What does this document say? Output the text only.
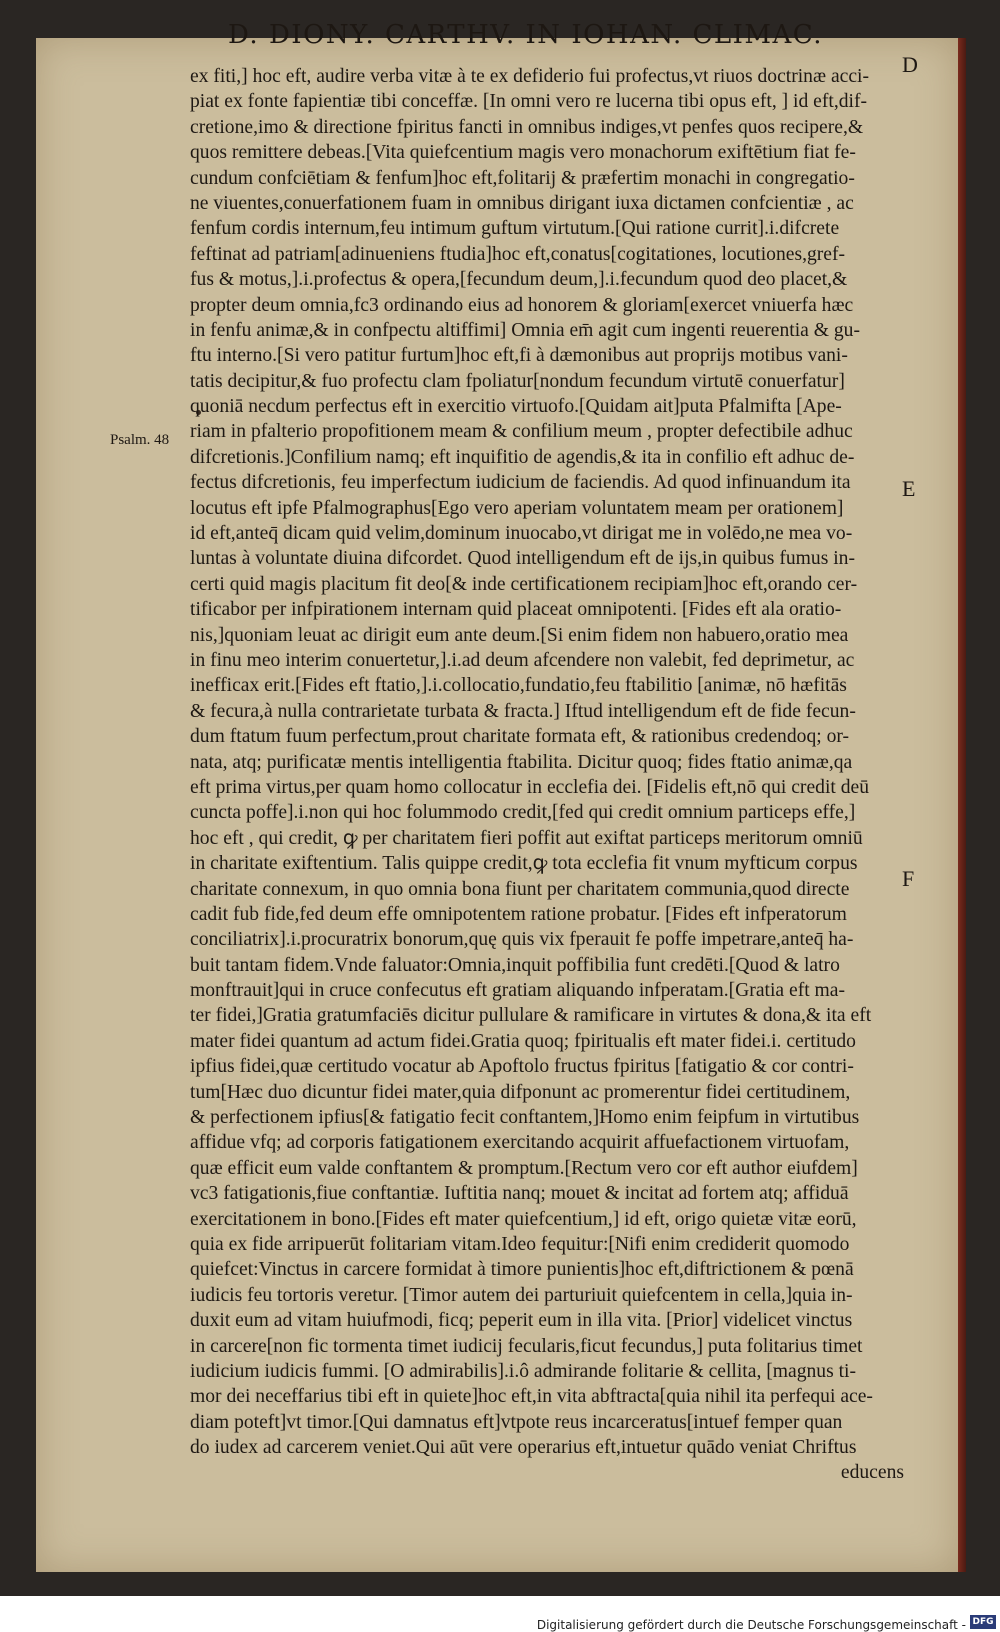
D. DIONY. CARTHV. IN IOHAN. CLIMAC.
D
E
F
Psalm. 48
ex fiti,] hoc eft, audire verba vitæ à te ex defiderio fui profectus,vt riuos doctrinæ acci-
piat ex fonte fapientiæ tibi conceffæ. [In omni vero re lucerna tibi opus eft, ] id eft,dif-
cretione,imo & directione fpiritus fancti in omnibus indiges,vt penfes quos recipere,&
quos remittere debeas.[Vita quiefcentium magis vero monachorum exiftētium fiat fe-
cundum confciētiam & fenfum]hoc eft,folitarij & præfertim monachi in congregatio-
ne viuentes,conuerfationem fuam in omnibus dirigant iuxa dictamen confcientiæ , ac
fenfum cordis internum,feu intimum guftum virtutum.[Qui ratione currit].i.difcrete
feftinat ad patriam[adinueniens ftudia]hoc eft,conatus[cogitationes, locutiones,gref-
fus & motus,].i.profectus & opera,[fecundum deum,].i.fecundum quod deo placet,&
propter deum omnia,fc3 ordinando eius ad honorem & gloriam[exercet vniuerfa hæc
in fenfu animæ,& in confpectu altiffimi] Omnia em̄ agit cum ingenti reuerentia & gu-
ftu interno.[Si vero patitur furtum]hoc eft,fi à dæmonibus aut proprijs motibus vani-
tatis decipitur,& fuo profectu clam fpoliatur[nondum fecundum virtutē conuerfatur]
quoniā necdum perfectus eft in exercitio virtuofo.[Quidam ait]puta Pfalmifta [Ape-
riam in pfalterio propofitionem meam & confilium meum , propter defectibile adhuc
difcretionis.]Confilium namq; eft inquifitio de agendis,& ita in confilio eft adhuc de-
fectus difcretionis, feu imperfectum iudicium de faciendis. Ad quod infinuandum ita
locutus eft ipfe Pfalmographus[Ego vero aperiam voluntatem meam per orationem]
id eft,anteq̄ dicam quid velim,dominum inuocabo,vt dirigat me in volēdo,ne mea vo-
luntas à voluntate diuina difcordet. Quod intelligendum eft de ijs,in quibus fumus in-
certi quid magis placitum fit deo[& inde certificationem recipiam]hoc eft,orando cer-
tificabor per infpirationem internam quid placeat omnipotenti. [Fides eft ala oratio-
nis,]quoniam leuat ac dirigit eum ante deum.[Si enim fidem non habuero,oratio mea
in finu meo interim conuertetur,].i.ad deum afcendere non valebit, fed deprimetur, ac
inefficax erit.[Fides eft ftatio,].i.collocatio,fundatio,feu ftabilitio [animæ, nō hæfitās
& fecura,à nulla contrarietate turbata & fracta.] Iftud intelligendum eft de fide fecun-
dum ftatum fuum perfectum,prout charitate formata eft, & rationibus credendoq; or-
nata, atq; purificatæ mentis intelligentia ftabilita. Dicitur quoq; fides ftatio animæ,qa
eft prima virtus,per quam homo collocatur in ecclefia dei. [Fidelis eft,nō qui credit deū
cuncta poffe].i.non qui hoc folummodo credit,[fed qui credit omnium particeps effe,]
hoc eft , qui credit, ꝙ per charitatem fieri poffit aut exiftat particeps meritorum omniū
in charitate exiftentium. Talis quippe credit,ꝙ tota ecclefia fit vnum myfticum corpus
charitate connexum, in quo omnia bona fiunt per charitatem communia,quod directe
cadit fub fide,fed deum effe omnipotentem ratione probatur. [Fides eft infperatorum
conciliatrix].i.procuratrix bonorum,quę quis vix fperauit fe poffe impetrare,anteq̄ ha-
buit tantam fidem.Vnde faluator:Omnia,inquit poffibilia funt credēti.[Quod & latro
monftrauit]qui in cruce confecutus eft gratiam aliquando infperatam.[Gratia eft ma-
ter fidei,]Gratia gratumfaciēs dicitur pullulare & ramificare in virtutes & dona,& ita eft
mater fidei quantum ad actum fidei.Gratia quoq; fpiritualis eft mater fidei.i. certitudo
ipfius fidei,quæ certitudo vocatur ab Apoftolo fructus fpiritus [fatigatio & cor contri-
tum[Hæc duo dicuntur fidei mater,quia difponunt ac promerentur fidei certitudinem,
& perfectionem ipfius[& fatigatio fecit conftantem,]Homo enim feipfum in virtutibus
affidue vfq; ad corporis fatigationem exercitando acquirit affuefactionem virtuofam,
quæ efficit eum valde conftantem & promptum.[Rectum vero cor eft author eiufdem]
vc3 fatigationis,fiue conftantiæ. Iuftitia nanq; mouet & incitat ad fortem atq; affiduā
exercitationem in bono.[Fides eft mater quiefcentium,] id eft, origo quietæ vitæ eorū,
quia ex fide arripuerūt folitariam vitam.Ideo fequitur:[Nifi enim crediderit quomodo
quiefcet:Vinctus in carcere formidat à timore punientis]hoc eft,diftrictionem & pœnā
iudicis feu tortoris veretur. [Timor autem dei parturiuit quiefcentem in cella,]quia in-
duxit eum ad vitam huiufmodi, ficq; peperit eum in illa vita. [Prior] videlicet vinctus
in carcere[non fic tormenta timet iudicij fecularis,ficut fecundus,] puta folitarius timet
iudicium iudicis fummi. [O admirabilis].i.ô admirande folitarie & cellita, [magnus ti-
mor dei neceffarius tibi eft in quiete]hoc eft,in vita abftracta[quia nihil ita perfequi ace-
diam poteft]vt timor.[Qui damnatus eft]vtpote reus incarceratus[intuef femper quan
do iudex ad carcerem veniet.Qui aūt vere operarius eft,intuetur quādo veniat Chriftus
educens
Digitalisierung gefördert durch die Deutsche Forschungsgemeinschaft - DFG
